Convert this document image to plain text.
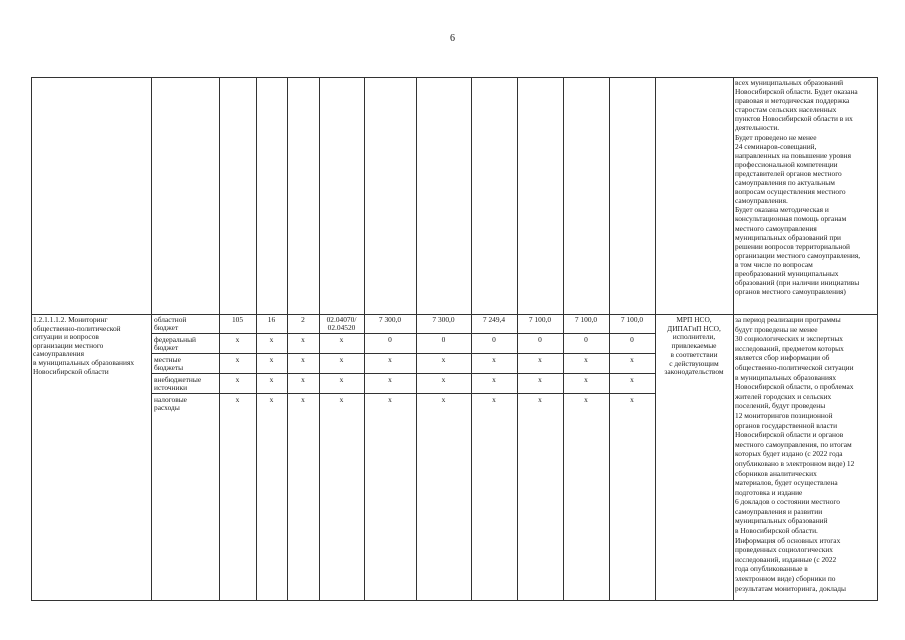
6
всех муниципальных образований
Новосибирской области. Будет оказана
правовая и методическая поддержка
старостам сельских населенных
пунктов Новосибирской области в их
деятельности.
Будет проведено не менее
24 семинаров-совещаний,
направленных на повышение уровня
профессиональной компетенции
представителей органов местного
самоуправления по актуальным
вопросам осуществления местного
самоуправления.
Будет оказана методическая и
консультационная помощь органам
местного самоуправления
муниципальных образований при
решении вопросов территориальной
организации местного самоуправления,
в том числе по вопросам
преобразований муниципальных
образований (при наличии инициативы
органов местного самоуправления)
1.2.1.1.1.2. Мониторинг
общественно-политической
ситуации и вопросов
организации местного
самоуправления
в муниципальных образованиях
Новосибирской области
областной
бюджет
105	16	2	02.04070/
02.04520
7 300,0	7 300,0	7 249,4	7 100,0	7 100,0	7 100,0
федеральный
бюджет
x	x	x	x	0	0	0	0	0	0
местные
бюджеты
x	x	x	x	x	x	x	x	x	x
внебюджетные
источники
x	x	x	x	x	x	x	x	x	x
налоговые
расходы
x	x	x	x	x	x	x	x	x	x
МРП НСО,
ДИПАГиП НСО,
исполнители,
привлекаемые
в соответствии
с действующим
законодательством
за период реализации программы
будут проведены не менее
30 социологических и экспертных
исследований, предметом которых
является сбор информации об
общественно-политической ситуации
в муниципальных образованиях
Новосибирской области, о проблемах
жителей городских и сельских
поселений, будут проведены
12 мониторингов позиционной
органов государственной власти
Новосибирской области и органов
местного самоуправления, по итогам
которых будет издано (с 2022 года
опубликовано в электронном виде) 12
сборников аналитических
материалов, будет осуществлена
подготовка и издание
6 докладов о состоянии местного
самоуправления и развитии
муниципальных образований
в Новосибирской области.
Информация об основных итогах
проведенных социологических
исследований, изданные (с 2022
года опубликованные в
электронном виде) сборники по
результатам мониторинга, доклады
